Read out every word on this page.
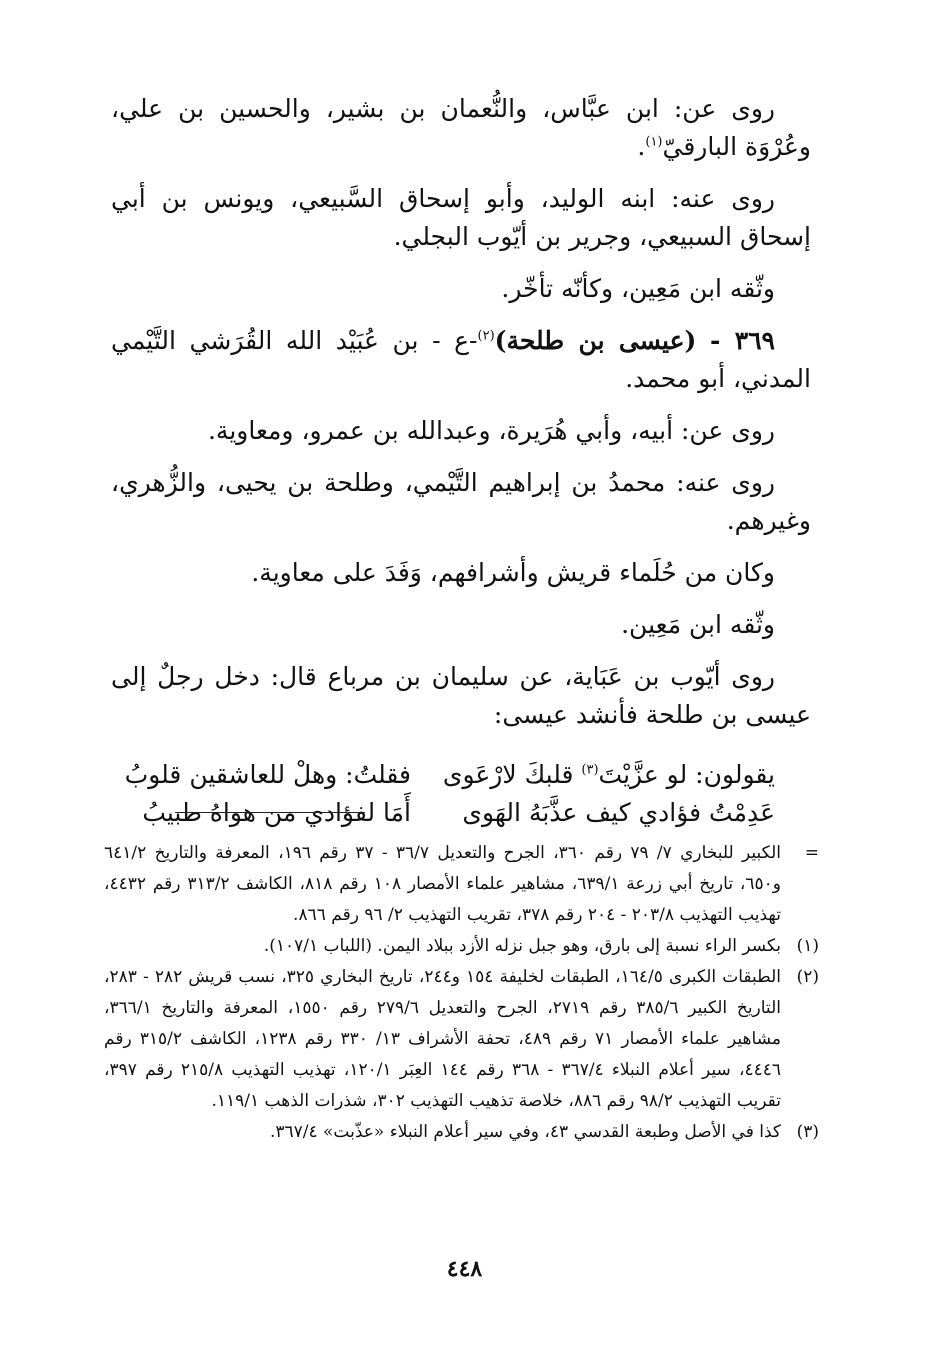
روى عن: ابن عبَّاس، والنُّعمان بن بشير، والحسين بن علي، وعُرْوَة البارقيّ$^{(١)}$.

روى عنه: ابنه الوليد، وأبو إسحاق السَّبيعي، ويونس بن أبي إسحاق السبيعي، وجرير بن أيّوب البجلي.

وثّقه ابن مَعِين، وكأنّه تأخّر.

٣٦٩ - (عيسى بن طلحة)$^{(٢)}$-ع - بن عُبَيْد الله القُرَشي التَّيْمي المدني، أبو محمد.

روى عن: أبيه، وأبي هُرَيرة، وعبدالله بن عمرو، ومعاوية.

روى عنه: محمدُ بن إبراهيم التَّيْمي، وطلحة بن يحيى، والزُّهري، وغيرهم.

وكان من حُلَماء قريش وأشرافهم، وَفَدَ على معاوية.

وثّقه ابن مَعِين.

روى أيّوب بن عَبَاية، عن سليمان بن مرباع قال: دخل رجلٌ إلى عيسى بن طلحة فأنشد عيسى:

يقولون: لو عزَّيْتَ$^{(٣)}$ قلبكَ لارْعَوى
فقلتُ: وهلْ للعاشقين قلوبُ
عَدِمْتُ فؤادي كيف عذَّبَهُ الهَوى
أَمَا لفؤادي من هواهُ طبيبُ
=
الكبير للبخاري ٧/ ٧٩ رقم ٣٦٠، الجرح والتعديل ٣٦/٧ - ٣٧ رقم ١٩٦، المعرفة والتاريخ ٦٤١/٢ و٦٥٠، تاريخ أبي زرعة ٦٣٩/١، مشاهير علماء الأمصار ١٠٨ رقم ٨١٨، الكاشف ٣١٣/٢ رقم ٤٤٣٢، تهذيب التهذيب ٢٠٣/٨ - ٢٠٤ رقم ٣٧٨، تقريب التهذيب ٢/ ٩٦ رقم ٨٦٦.
(١)
بكسر الراء نسبة إلى بارق، وهو جبل نزله الأزد ببلاد اليمن. (اللباب ١٠٧/١).
(٢)
الطبقات الكبرى ١٦٤/٥، الطبقات لخليفة ١٥٤ و٢٤٤، تاريخ البخاري ٣٢٥، نسب قريش ٢٨٢ - ٢٨٣، التاريخ الكبير ٣٨٥/٦ رقم ٢٧١٩، الجرح والتعديل ٢٧٩/٦ رقم ١٥٥٠، المعرفة والتاريخ ٣٦٦/١، مشاهير علماء الأمصار ٧١ رقم ٤٨٩، تحفة الأشراف ١٣/ ٣٣٠ رقم ١٢٣٨، الكاشف ٣١٥/٢ رقم ٤٤٤٦، سير أعلام النبلاء ٣٦٧/٤ - ٣٦٨ رقم ١٤٤ العِبَر ١٢٠/١، تهذيب التهذيب ٢١٥/٨ رقم ٣٩٧، تقريب التهذيب ٩٨/٢ رقم ٨٨٦، خلاصة تذهيب التهذيب ٣٠٢، شذرات الذهب ١١٩/١.
(٣)
كذا في الأصل وطبعة القدسي ٤٣، وفي سير أعلام النبلاء «عذّبت» ٣٦٧/٤.
٤٤٨
